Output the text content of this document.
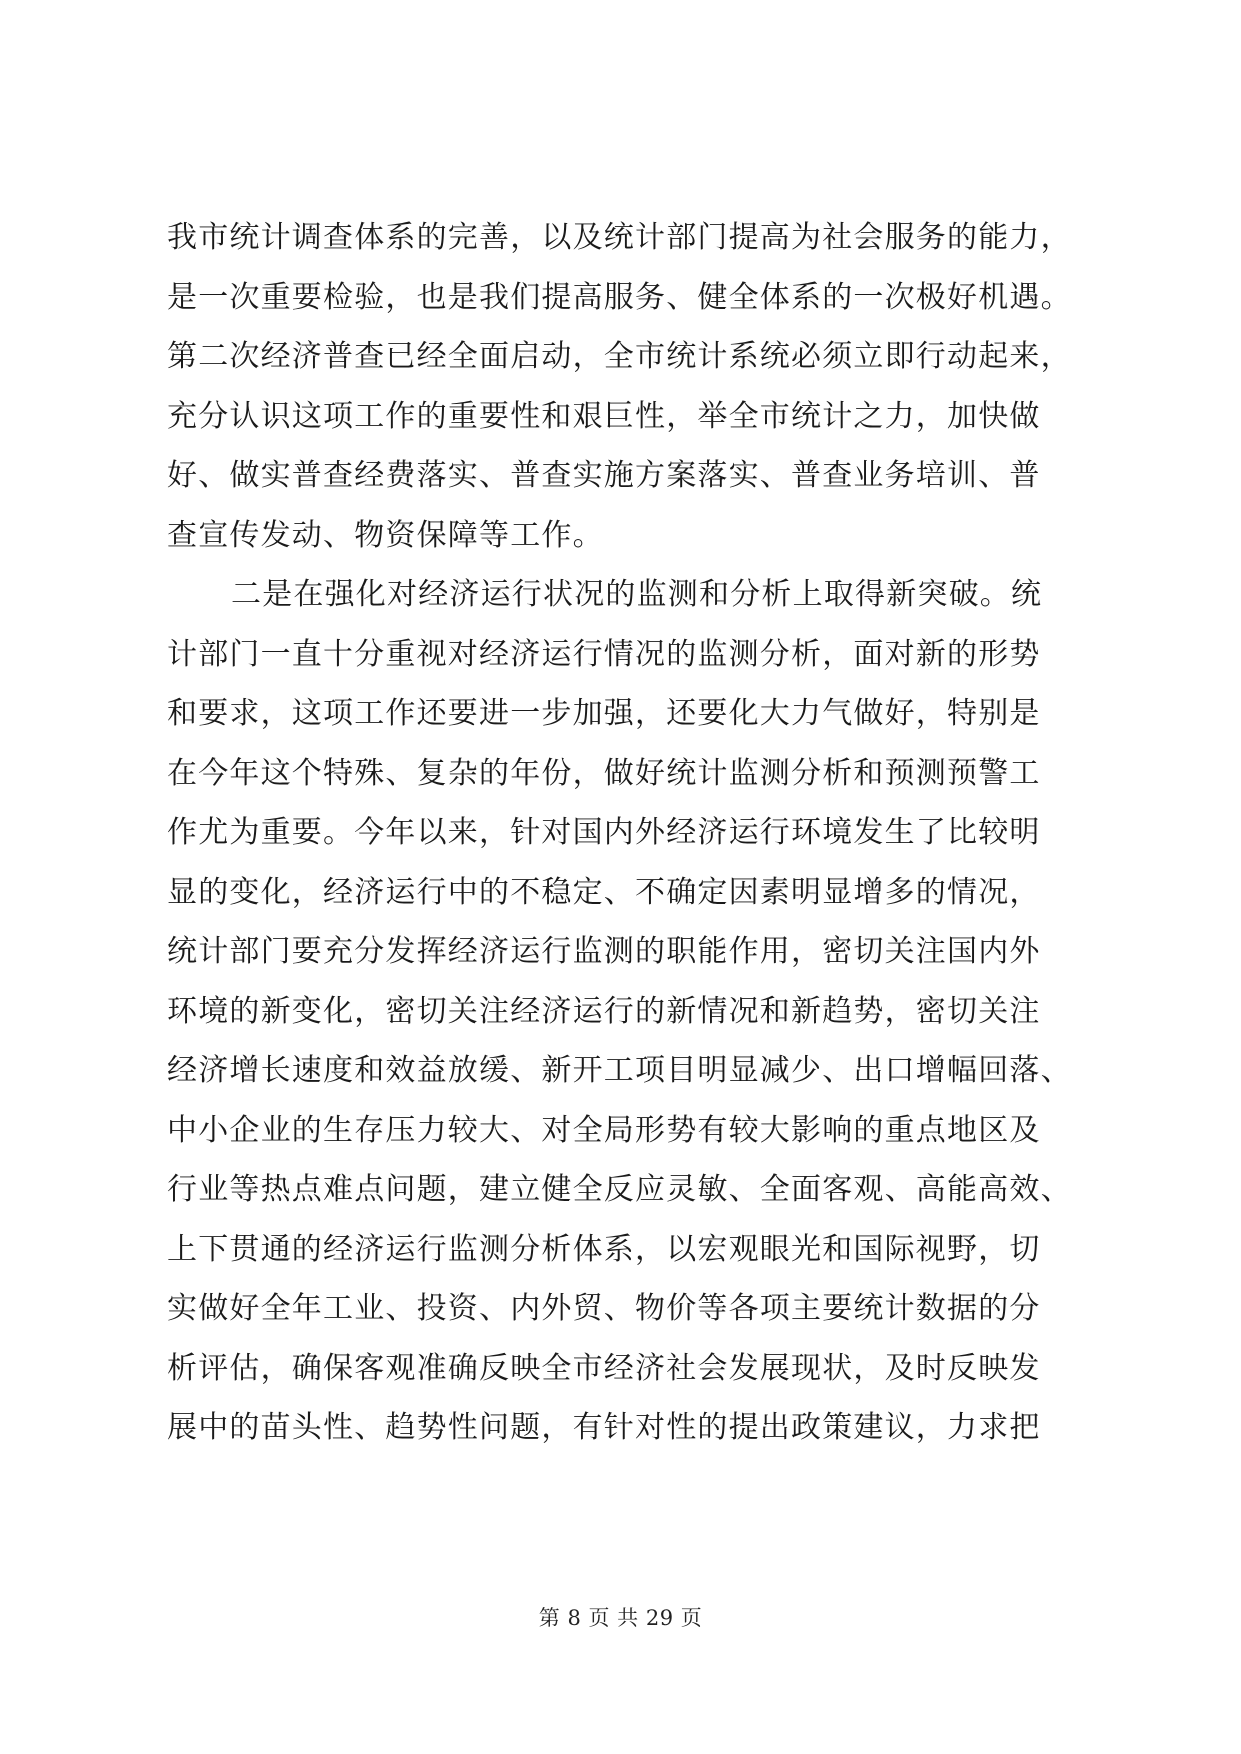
我市统计调查体系的完善，以及统计部门提高为社会服务的能力，
是一次重要检验，也是我们提高服务、健全体系的一次极好机遇。
第二次经济普查已经全面启动，全市统计系统必须立即行动起来，
充分认识这项工作的重要性和艰巨性，举全市统计之力，加快做
好、做实普查经费落实、普查实施方案落实、普查业务培训、普
查宣传发动、物资保障等工作。
二是在强化对经济运行状况的监测和分析上取得新突破。统
计部门一直十分重视对经济运行情况的监测分析，面对新的形势
和要求，这项工作还要进一步加强，还要化大力气做好，特别是
在今年这个特殊、复杂的年份，做好统计监测分析和预测预警工
作尤为重要。今年以来，针对国内外经济运行环境发生了比较明
显的变化，经济运行中的不稳定、不确定因素明显增多的情况，
统计部门要充分发挥经济运行监测的职能作用，密切关注国内外
环境的新变化，密切关注经济运行的新情况和新趋势，密切关注
经济增长速度和效益放缓、新开工项目明显减少、出口增幅回落、
中小企业的生存压力较大、对全局形势有较大影响的重点地区及
行业等热点难点问题，建立健全反应灵敏、全面客观、高能高效、
上下贯通的经济运行监测分析体系，以宏观眼光和国际视野，切
实做好全年工业、投资、内外贸、物价等各项主要统计数据的分
析评估，确保客观准确反映全市经济社会发展现状，及时反映发
展中的苗头性、趋势性问题，有针对性的提出政策建议，力求把
第 8 页 共 29 页
